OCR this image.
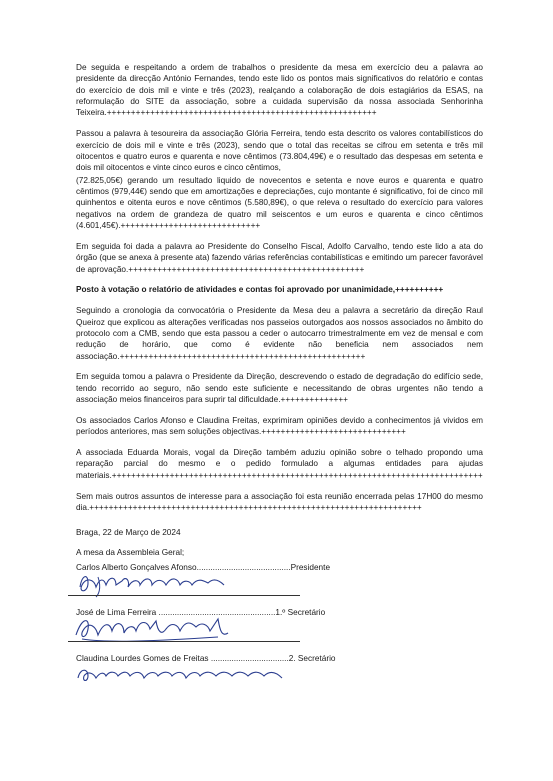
De seguida e respeitando a ordem de trabalhos o presidente da mesa em exercício deu a palavra ao presidente da direcção António Fernandes, tendo este lido os pontos mais significativos do relatório e contas do exercício de dois mil e vinte e três (2023), realçando a colaboração de dois estagiários da ESAS, na reformulação do SITE da associação, sobre a cuidada supervisão da nossa associada Senhorinha Teixeira.++++++++++++++++++++++++++++++++++++++++++++++++++++++++

Passou a palavra à tesoureira da associação Glória Ferreira, tendo esta descrito os valores contabilísticos do exercício de dois mil e vinte e três (2023), sendo que o total das receitas se cifrou em setenta e três mil oitocentos e quatro euros e quarenta e nove cêntimos (73.804,49€) e o resultado das despesas em setenta e dois mil oitocentos e vinte cinco euros e cinco cêntimos,

(72.825,05€) gerando um resultado liquido de novecentos e setenta e nove euros e quarenta e quatro cêntimos (979,44€) sendo que em amortizações e depreciações, cujo montante é significativo, foi de cinco mil quinhentos e oitenta euros e nove cêntimos (5.580,89€), o que releva o resultado do exercício para valores negativos na ordem de grandeza de quatro mil seiscentos e um euros e quarenta e cinco cêntimos (4.601,45€).+++++++++++++++++++++++++++++

Em seguida foi dada a palavra ao Presidente do Conselho Fiscal, Adolfo Carvalho, tendo este lido a ata do órgão (que se anexa à presente ata) fazendo várias referências contabilísticas e emitindo um parecer favorável de aprovação.+++++++++++++++++++++++++++++++++++++++++++++++++

Posto à votação o relatório de atividades e contas foi aprovado por unanimidade,++++++++++

Seguindo a cronologia da convocatória o Presidente da Mesa deu a palavra a secretário da direção Raul Queiroz que explicou as alterações verificadas nos passeios outorgados aos nossos associados no âmbito do protocolo com a CMB, sendo que esta passou a ceder o autocarro trimestralmente em vez de mensal e com redução de horário, que como é evidente não beneficia nem associados nem associação.+++++++++++++++++++++++++++++++++++++++++++++++++++

Em seguida tomou a palavra o Presidente da Direção, descrevendo o estado de degradação do edifício sede, tendo recorrido ao seguro, não sendo este suficiente e necessitando de obras urgentes não tendo a associação meios financeiros para suprir tal dificuldade.++++++++++++++

Os associados Carlos Afonso e Claudina Freitas, exprimiram opiniões devido a conhecimentos já vividos em períodos anteriores, mas sem soluções objectivas.++++++++++++++++++++++++++++++

A associada Eduarda Morais, vogal da Direção também aduziu opinião sobre o telhado propondo uma reparação parcial do mesmo e o pedido formulado a algumas entidades para ajudas materiais.+++++++++++++++++++++++++++++++++++++++++++++++++++++++++++++++++++++++++++++

Sem mais outros assuntos de interesse para a associação foi esta reunião encerrada pelas 17H00 do mesmo dia.+++++++++++++++++++++++++++++++++++++++++++++++++++++++++++++++++++++

Braga, 22 de Março de 2024

A mesa da Assembleia Geral;

Carlos Alberto Gonçalves Afonso.........................................Presidente

José de Lima Ferreira ...................................................1.º Secretário

Claudina Lourdes Gomes de Freitas ..................................2. Secretário
